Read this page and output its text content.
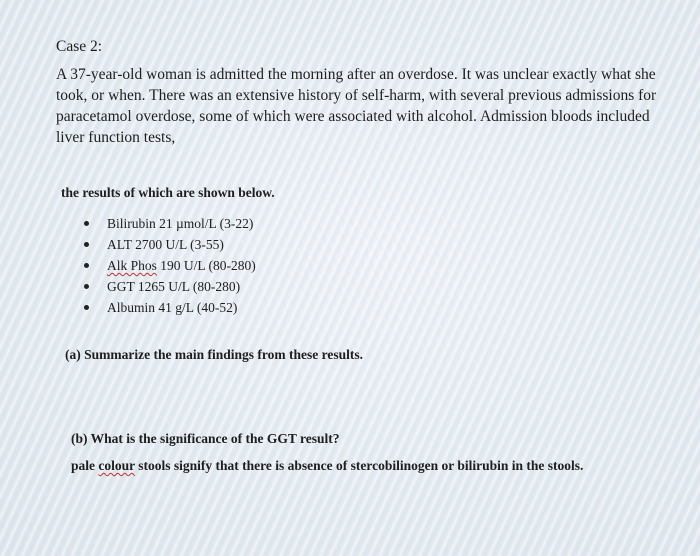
Case 2:

A 37-year-old woman is admitted the morning after an overdose. It was unclear exactly what she
took, or when. There was an extensive history of self-harm, with several previous admissions for
paracetamol overdose, some of which were associated with alcohol. Admission bloods included
liver function tests,

the results of which are shown below.

Bilirubin 21 µmol/L (3-22)
ALT 2700 U/L (3-55)
Alk Phos 190 U/L (80-280)
GGT 1265 U/L (80-280)
Albumin 41 g/L (40-52)

(a) Summarize the main findings from these results.

(b) What is the significance of the GGT result?

pale colour stools signify that there is absence of stercobilinogen or bilirubin in the stools.
